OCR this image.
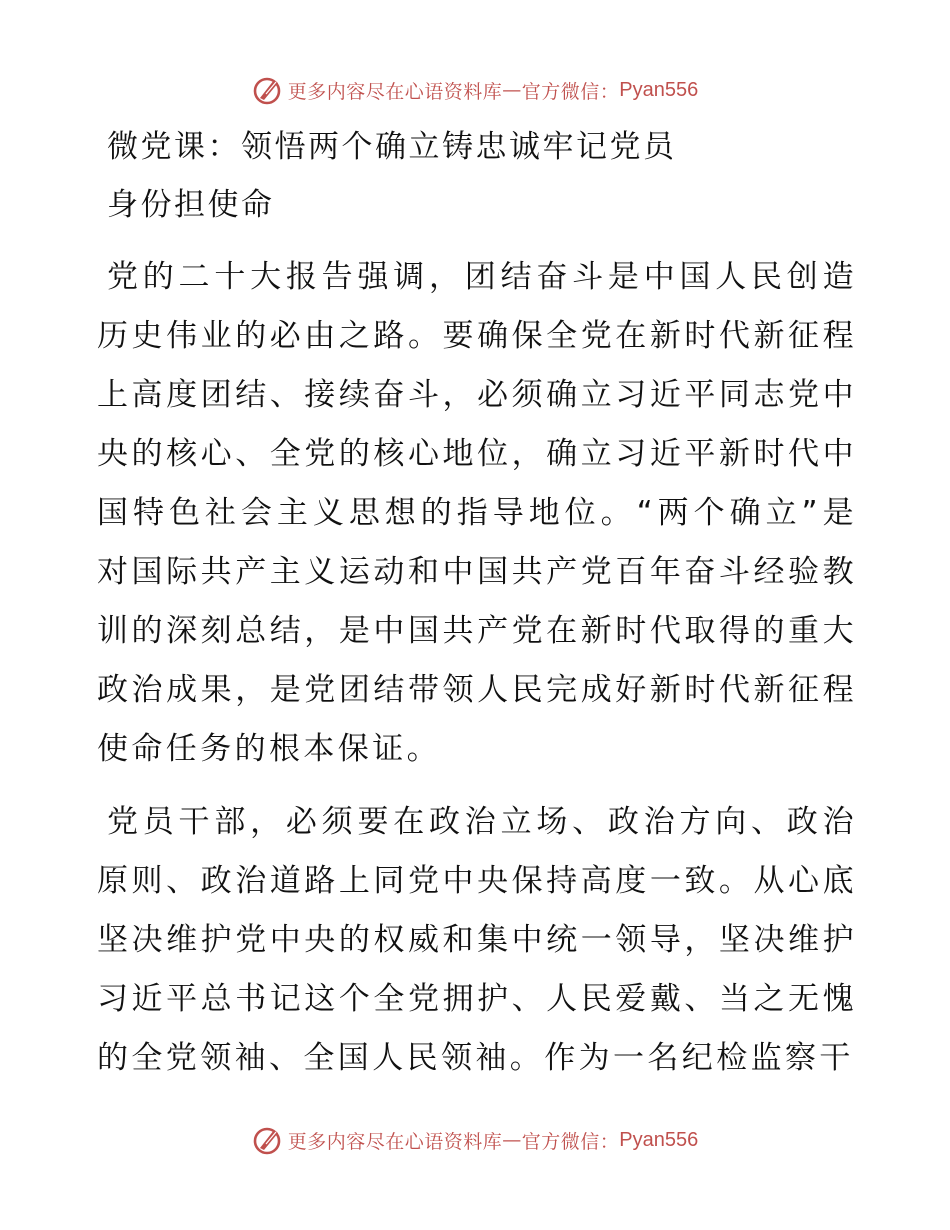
更多内容尽在心语资料库 — 官方微信： Pyan556
微党课：领悟两个确立铸忠诚牢记党员
身份担使命

党的二十大报告强调，团结奋斗是中国人民创造历史伟业的必由之路。要确保全党在新时代新征程上高度团结、接续奋斗，必须确立习近平同志党中央的核心、全党的核心地位，确立习近平新时代中国特色社会主义思想的指导地位。“两个确立”是对国际共产主义运动和中国共产党百年奋斗经验教训的深刻总结，是中国共产党在新时代取得的重大政治成果，是党团结带领人民完成好新时代新征程使命任务的根本保证。

党员干部，必须要在政治立场、政治方向、政治原则、政治道路上同党中央保持高度一致。从心底坚决维护党中央的权威和集中统一领导，坚决维护习近平总书记这个全党拥护、人民爱戴、当之无愧的全党领袖、全国人民领袖。作为一名纪检监察干

更多内容尽在心语资料库 — 官方微信： Pyan556
